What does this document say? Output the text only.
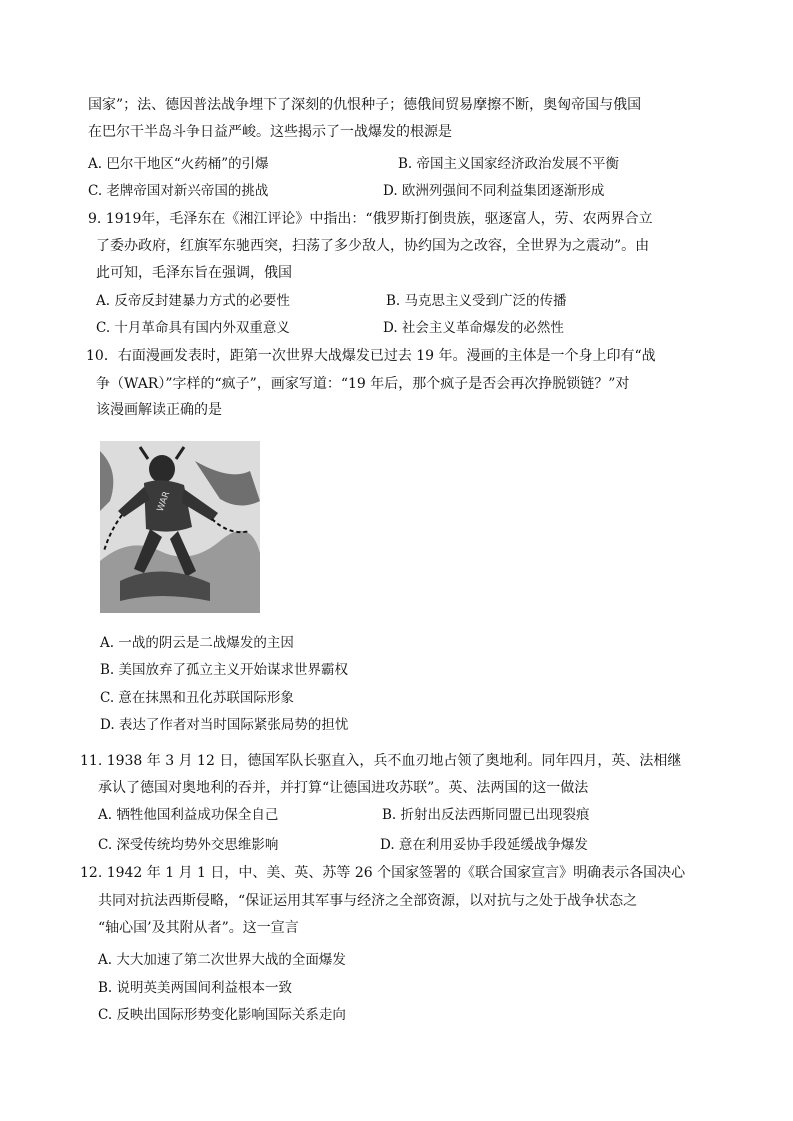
国家”；法、德因普法战争埋下了深刻的仇恨种子；德俄间贸易摩擦不断，奥匈帝国与俄国
在巴尔干半岛斗争日益严峻。这些揭示了一战爆发的根源是
A. 巴尔干地区“火药桶”的引爆	B. 帝国主义国家经济政治发展不平衡
C. 老牌帝国对新兴帝国的挑战	D. 欧洲列强间不同利益集团逐渐形成
9. 1919年，毛泽东在《湘江评论》中指出：“俄罗斯打倒贵族，驱逐富人，劳、农两界合立
了委办政府，红旗军东驰西突，扫荡了多少敌人，协约国为之改容，全世界为之震动”。由
此可知，毛泽东旨在强调，俄国
A. 反帝反封建暴力方式的必要性	B. 马克思主义受到广泛的传播
C. 十月革命具有国内外双重意义	D. 社会主义革命爆发的必然性
10．右面漫画发表时，距第一次世界大战爆发已过去 19 年。漫画的主体是一个身上印有“战
争（WAR）”字样的“疯子”，画家写道：“19 年后，那个疯子是否会再次挣脱锁链？”对
该漫画解读正确的是
WAR
A. 一战的阴云是二战爆发的主因
B. 美国放弃了孤立主义开始谋求世界霸权
C. 意在抹黑和丑化苏联国际形象
D. 表达了作者对当时国际紧张局势的担忧
11. 1938 年 3 月 12 日，德国军队长驱直入，兵不血刃地占领了奥地利。同年四月，英、法相继
承认了德国对奥地利的吞并，并打算“让德国进攻苏联”。英、法两国的这一做法
A. 牺牲他国利益成功保全自己	B. 折射出反法西斯同盟已出现裂痕
C. 深受传统均势外交思维影响	D. 意在利用妥协手段延缓战争爆发
12. 1942 年 1 月 1 日，中、美、英、苏等 26 个国家签署的《联合国家宣言》明确表示各国决心
共同对抗法西斯侵略，“保证运用其军事与经济之全部资源，以对抗与之处于战争状态之
“轴心国’及其附从者”。这一宣言
A. 大大加速了第二次世界大战的全面爆发
B. 说明英美两国间利益根本一致
C. 反映出国际形势变化影响国际关系走向
